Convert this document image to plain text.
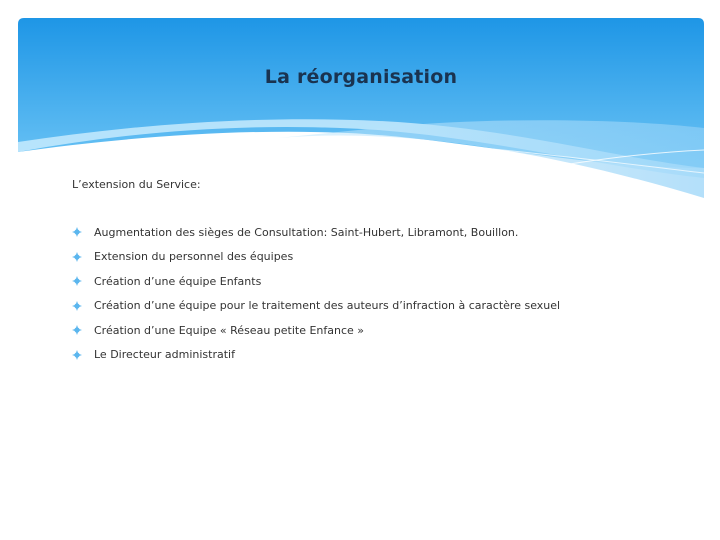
La réorganisation

L’extension du Service:

Augmentation des sièges de Consultation: Saint-Hubert, Libramont, Bouillon.
Extension du personnel des équipes
Création d’une équipe Enfants
Création d’une équipe pour le traitement des auteurs d’infraction à caractère sexuel
Création d’une Equipe « Réseau petite Enfance »
Le Directeur administratif
